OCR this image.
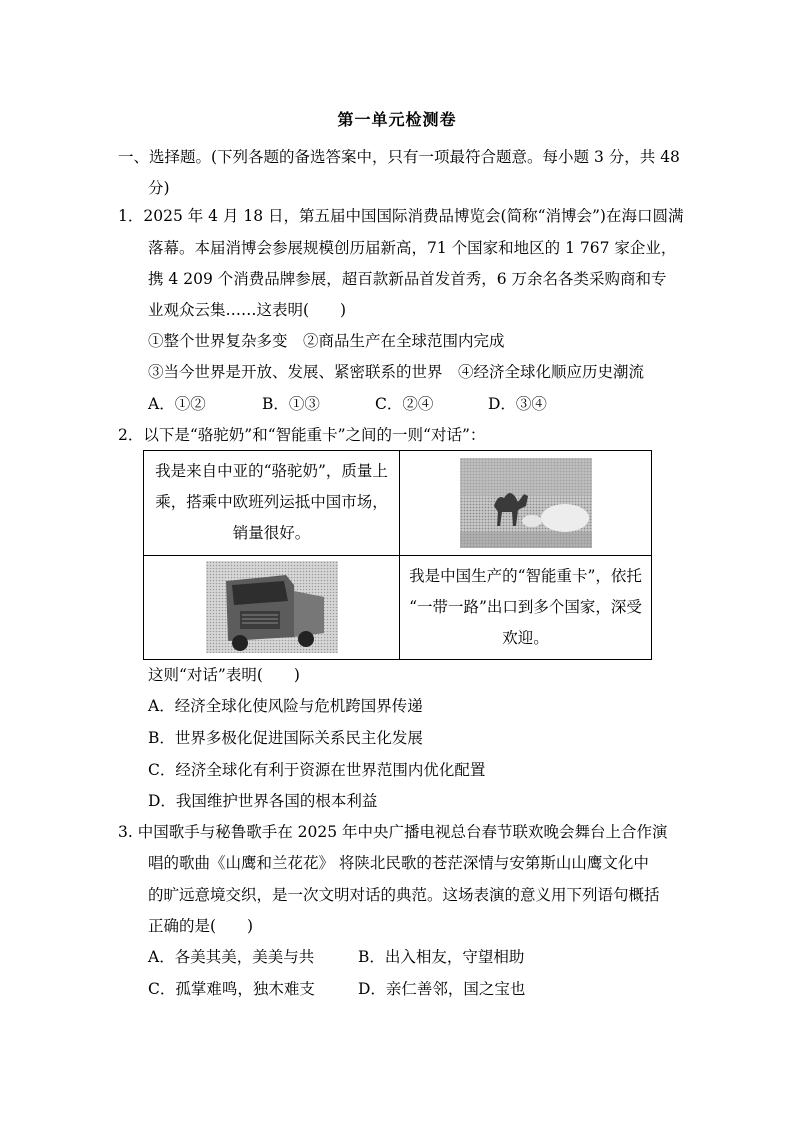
第一单元检测卷
一、选择题。(下列各题的备选答案中，只有一项最符合题意。每小题 3 分，共 48
分)
1．2025 年 4 月 18 日，第五届中国国际消费品博览会(简称“消博会”)在海口圆满
落幕。本届消博会参展规模创历届新高，71 个国家和地区的 1 767 家企业，
携 4 209 个消费品牌参展，超百款新品首发首秀，6 万余名各类采购商和专
业观众云集……这表明(　　)
①整个世界复杂多变　②商品生产在全球范围内完成
③当今世界是开放、发展、紧密联系的世界　④经济全球化顺应历史潮流
A．①②	B．①③	C．②④	D．③④
2．以下是“骆驼奶”和“智能重卡”之间的一则“对话”：
我是来自中亚的“骆驼奶”，质量上
乘，搭乘中欧班列运抵中国市场，
销量很好。

我是中国生产的“智能重卡”，依托
“一带一路”出口到多个国家，深受
欢迎。
这则“对话”表明(　　)
A．经济全球化使风险与危机跨国界传递
B．世界多极化促进国际关系民主化发展
C．经济全球化有利于资源在世界范围内优化配置
D．我国维护世界各国的根本利益
3. 中国歌手与秘鲁歌手在 2025 年中央广播电视总台春节联欢晚会舞台上合作演
唱的歌曲《山鹰和兰花花》 将陕北民歌的苍茫深情与安第斯山山鹰文化中
的旷远意境交织，是一次文明对话的典范。这场表演的意义用下列语句概括
正确的是(　　)
A．各美其美，美美与共	B．出入相友，守望相助
C．孤掌难鸣，独木难支	D．亲仁善邻，国之宝也
